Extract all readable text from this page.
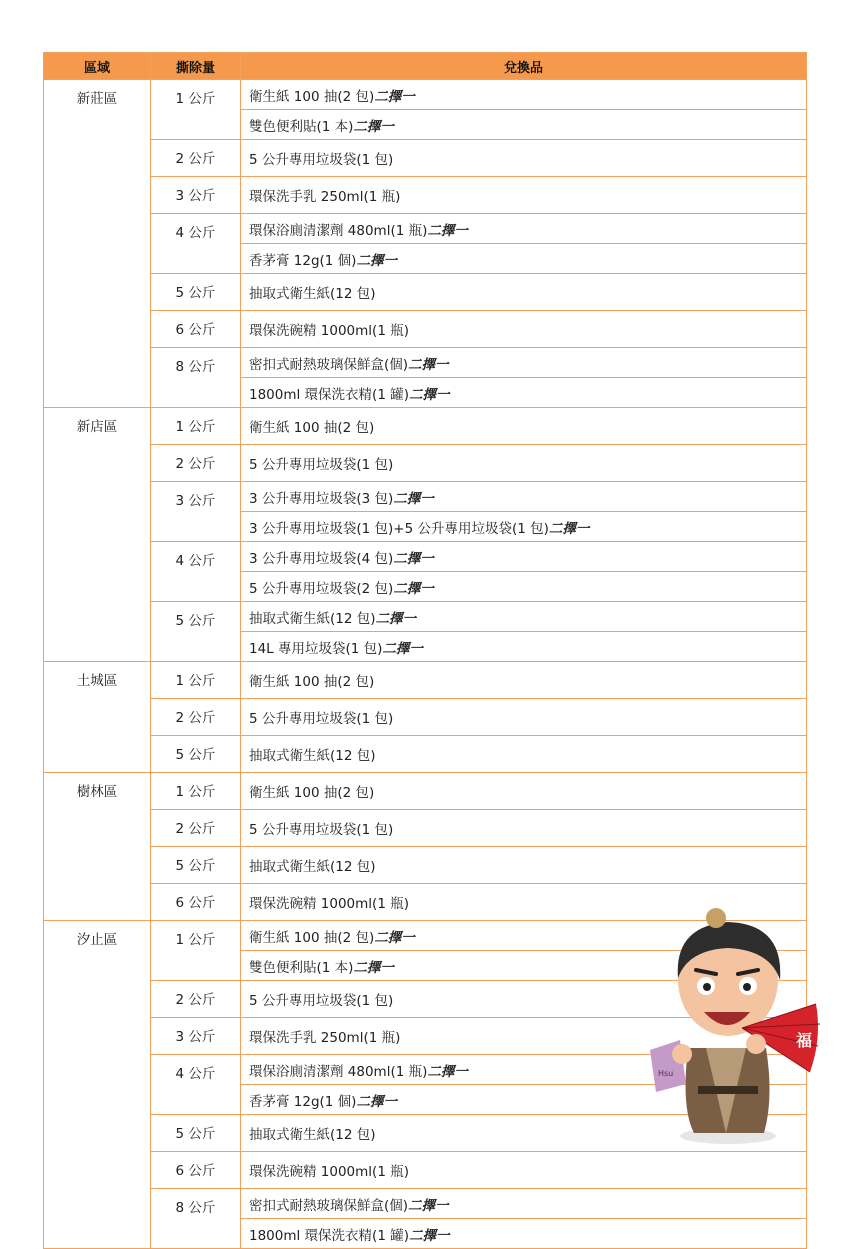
區域	撕除量	兌換品
新莊區	1 公斤	衛生紙 100 抽(2 包)二擇一
		雙色便利貼(1 本)二擇一
	2 公斤	5 公升專用垃圾袋(1 包)
	3 公斤	環保洗手乳 250ml(1 瓶)
	4 公斤	環保浴廁清潔劑 480ml(1 瓶)二擇一
		香茅膏 12g(1 個)二擇一
	5 公斤	抽取式衛生紙(12 包)
	6 公斤	環保洗碗精 1000ml(1 瓶)
	8 公斤	密扣式耐熱玻璃保鮮盒(個)二擇一
		1800ml 環保洗衣精(1 罐)二擇一
新店區	1 公斤	衛生紙 100 抽(2 包)
	2 公斤	5 公升專用垃圾袋(1 包)
	3 公斤	3 公升專用垃圾袋(3 包)二擇一
		3 公升專用垃圾袋(1 包)+5 公升專用垃圾袋(1 包)二擇一
	4 公斤	3 公升專用垃圾袋(4 包)二擇一
		5 公升專用垃圾袋(2 包)二擇一
	5 公斤	抽取式衛生紙(12 包)二擇一
		14L 專用垃圾袋(1 包)二擇一
土城區	1 公斤	衛生紙 100 抽(2 包)
	2 公斤	5 公升專用垃圾袋(1 包)
	5 公斤	抽取式衛生紙(12 包)
樹林區	1 公斤	衛生紙 100 抽(2 包)
	2 公斤	5 公升專用垃圾袋(1 包)
	5 公斤	抽取式衛生紙(12 包)
	6 公斤	環保洗碗精 1000ml(1 瓶)
汐止區	1 公斤	衛生紙 100 抽(2 包)二擇一
		雙色便利貼(1 本)二擇一
	2 公斤	5 公升專用垃圾袋(1 包)
	3 公斤	環保洗手乳 250ml(1 瓶)
	4 公斤	環保浴廁清潔劑 480ml(1 瓶)二擇一
		香茅膏 12g(1 個)二擇一
	5 公斤	抽取式衛生紙(12 包)
	6 公斤	環保洗碗精 1000ml(1 瓶)
	8 公斤	密扣式耐熱玻璃保鮮盒(個)二擇一
		1800ml 環保洗衣精(1 罐)二擇一
福
Hsu
